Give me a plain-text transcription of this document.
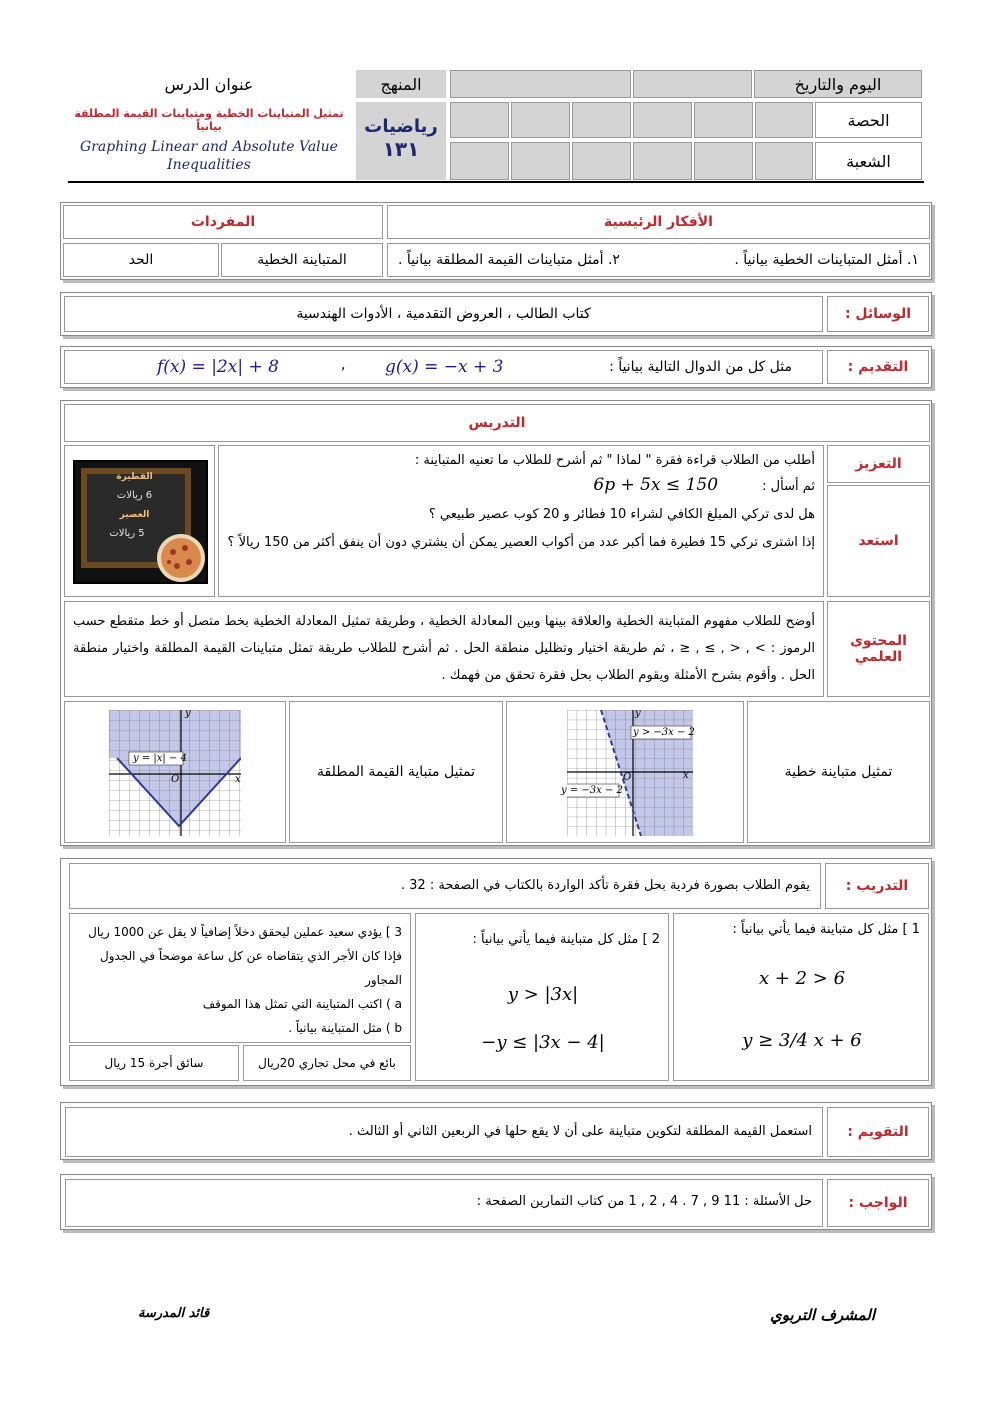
اليوم والتاريخ
الحصة
الشعبة
المنهج
رياضيات
١٣١
عنوان الدرس
تمثيل المتباينات الخطية ومتباينات القيمة المطلقة بيانياً
Graphing Linear and Absolute Value Inequalities
الأفكار الرئيسية
المفردات
١. أمثل المتباينات الخطية بيانياً .
٢. أمثل متباينات القيمة المطلقة بيانياً .
المتباينة الخطية
الحد
الوسائل :
كتاب الطالب ، العروض التقدمية ، الأدوات الهندسية
التقديم :
مثل كل من الدوال التالية بيانياً :
g(x) = −x + 3
,
f(x) = |2x| + 8
التدريس
التعزيز
استعد
أطلب من الطلاب قراءة فقرة " لماذا " ثم أشرح للطلاب ما تعنيه المتباينة :
ثم أسأل : 6p + 5x ≤ 150
هل لدى تركي المبلغ الكافي لشراء 10 فطائر و 20 كوب عصير طبيعي ؟
إذا اشترى تركي 15 فطيرة فما أكبر عدد من أكواب العصير يمكن أن يشتري دون أن ينفق أكثر من 150 ريالاً ؟
الفطيرة
6 ريالات
العصير
5 ريالات
المحتوى العلمي
أوضح للطلاب مفهوم المتباينة الخطية والعلاقة بينها وبين المعادلة الخطية ، وطريقة تمثيل المعادلة الخطية بخط متصل أو خط متقطع حسب الرموز : > , < , ≥ , ≤ ، ثم طريقة اختيار وتظليل منطقة الحل . ثم أشرح للطلاب طريقة تمثل متباينات القيمة المطلقة واختيار منطقة الحل . وأقوم بشرح الأمثلة ويقوم الطلاب بحل فقرة تحقق من فهمك .
تمثيل متباينة خطية
y > −3x − 2
y = −3x − 2
x
y
O
تمثيل متباية القيمة المطلقة
y = |x| − 4
x
y
O
التدريب :
يقوم الطلاب بصورة فردية بحل فقرة تأكد الواردة بالكتاب في الصفحة : 32 .
1 ] مثل كل متباينة فيما يأتي بيانياً :
x + 2 > 6
y ≥ 3/4 x + 6
2 ] مثل كل متباينة فيما يأتي بيانياً :
y > |3x|
−y ≤ |3x − 4|
3 ] يؤدي سعيد عملين ليحقق دخلاً إضافياً لا يقل عن 1000 ريال فإذا كان الأجر الذي يتقاضاه عن كل ساعة موضحاً في الجدول المجاور
a ) اكتب المتباينة التي تمثل هذا الموقف
b ) مثل المتباينة بيانياً .
بائع في محل تجاري 20ريال
سائق أجرة 15 ريال
التقويم :
استعمل القيمة المطلقة لتكوين متباينة على أن لا يقع حلها في الربعين الثاني أو الثالث .
الواجب :
حل الأسئلة : 11 9 , 7 . 4 , 2 , 1 من كتاب التمارين الصفحة :
المشرف التربوي
قائد المدرسة
